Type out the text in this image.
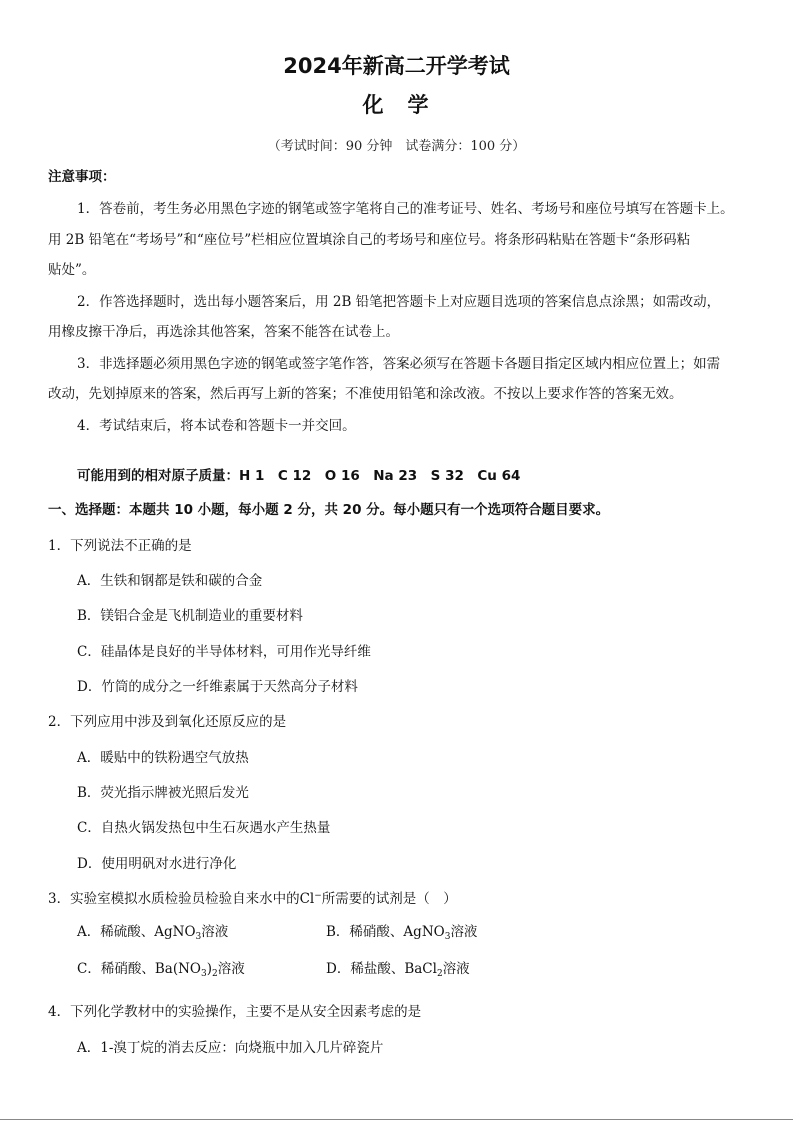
2024年新高二开学考试
化 学
（考试时间：90 分钟　试卷满分：100 分）
注意事项：
1．答卷前，考生务必用黑色字迹的钢笔或签字笔将自己的准考证号、姓名、考场号和座位号填写在答题卡上。
用 2B 铅笔在“考场号”和“座位号”栏相应位置填涂自己的考场号和座位号。将条形码粘贴在答题卡“条形码粘
贴处”。
2．作答选择题时，选出每小题答案后，用 2B 铅笔把答题卡上对应题目选项的答案信息点涂黑；如需改动，
用橡皮擦干净后，再选涂其他答案，答案不能答在试卷上。
3．非选择题必须用黑色字迹的钢笔或签字笔作答，答案必须写在答题卡各题目指定区域内相应位置上；如需
改动，先划掉原来的答案，然后再写上新的答案；不准使用铅笔和涂改液。不按以上要求作答的答案无效。
4．考试结束后，将本试卷和答题卡一并交回。
可能用到的相对原子质量：H 1　C 12　O 16　Na 23　S 32　Cu 64
一、选择题：本题共 10 小题，每小题 2 分，共 20 分。每小题只有一个选项符合题目要求。
1．下列说法不正确的是
A．生铁和钢都是铁和碳的合金
B．镁铝合金是飞机制造业的重要材料
C．硅晶体是良好的半导体材料，可用作光导纤维
D．竹筒的成分之一纤维素属于天然高分子材料
2．下列应用中涉及到氧化还原反应的是
A．暖贴中的铁粉遇空气放热
B．荧光指示牌被光照后发光
C．自热火锅发热包中生石灰遇水产生热量
D．使用明矾对水进行净化
3．实验室模拟水质检验员检验自来水中的Cl−所需要的试剂是（　）
A．稀硫酸、AgNO$_3$溶液	B．稀硝酸、AgNO$_3$溶液
C．稀硝酸、$Ba(NO_3)_2$溶液	D．稀盐酸、BaCl$_2$溶液
4．下列化学教材中的实验操作，主要不是从安全因素考虑的是
A．1-溴丁烷的消去反应：向烧瓶中加入几片碎瓷片
